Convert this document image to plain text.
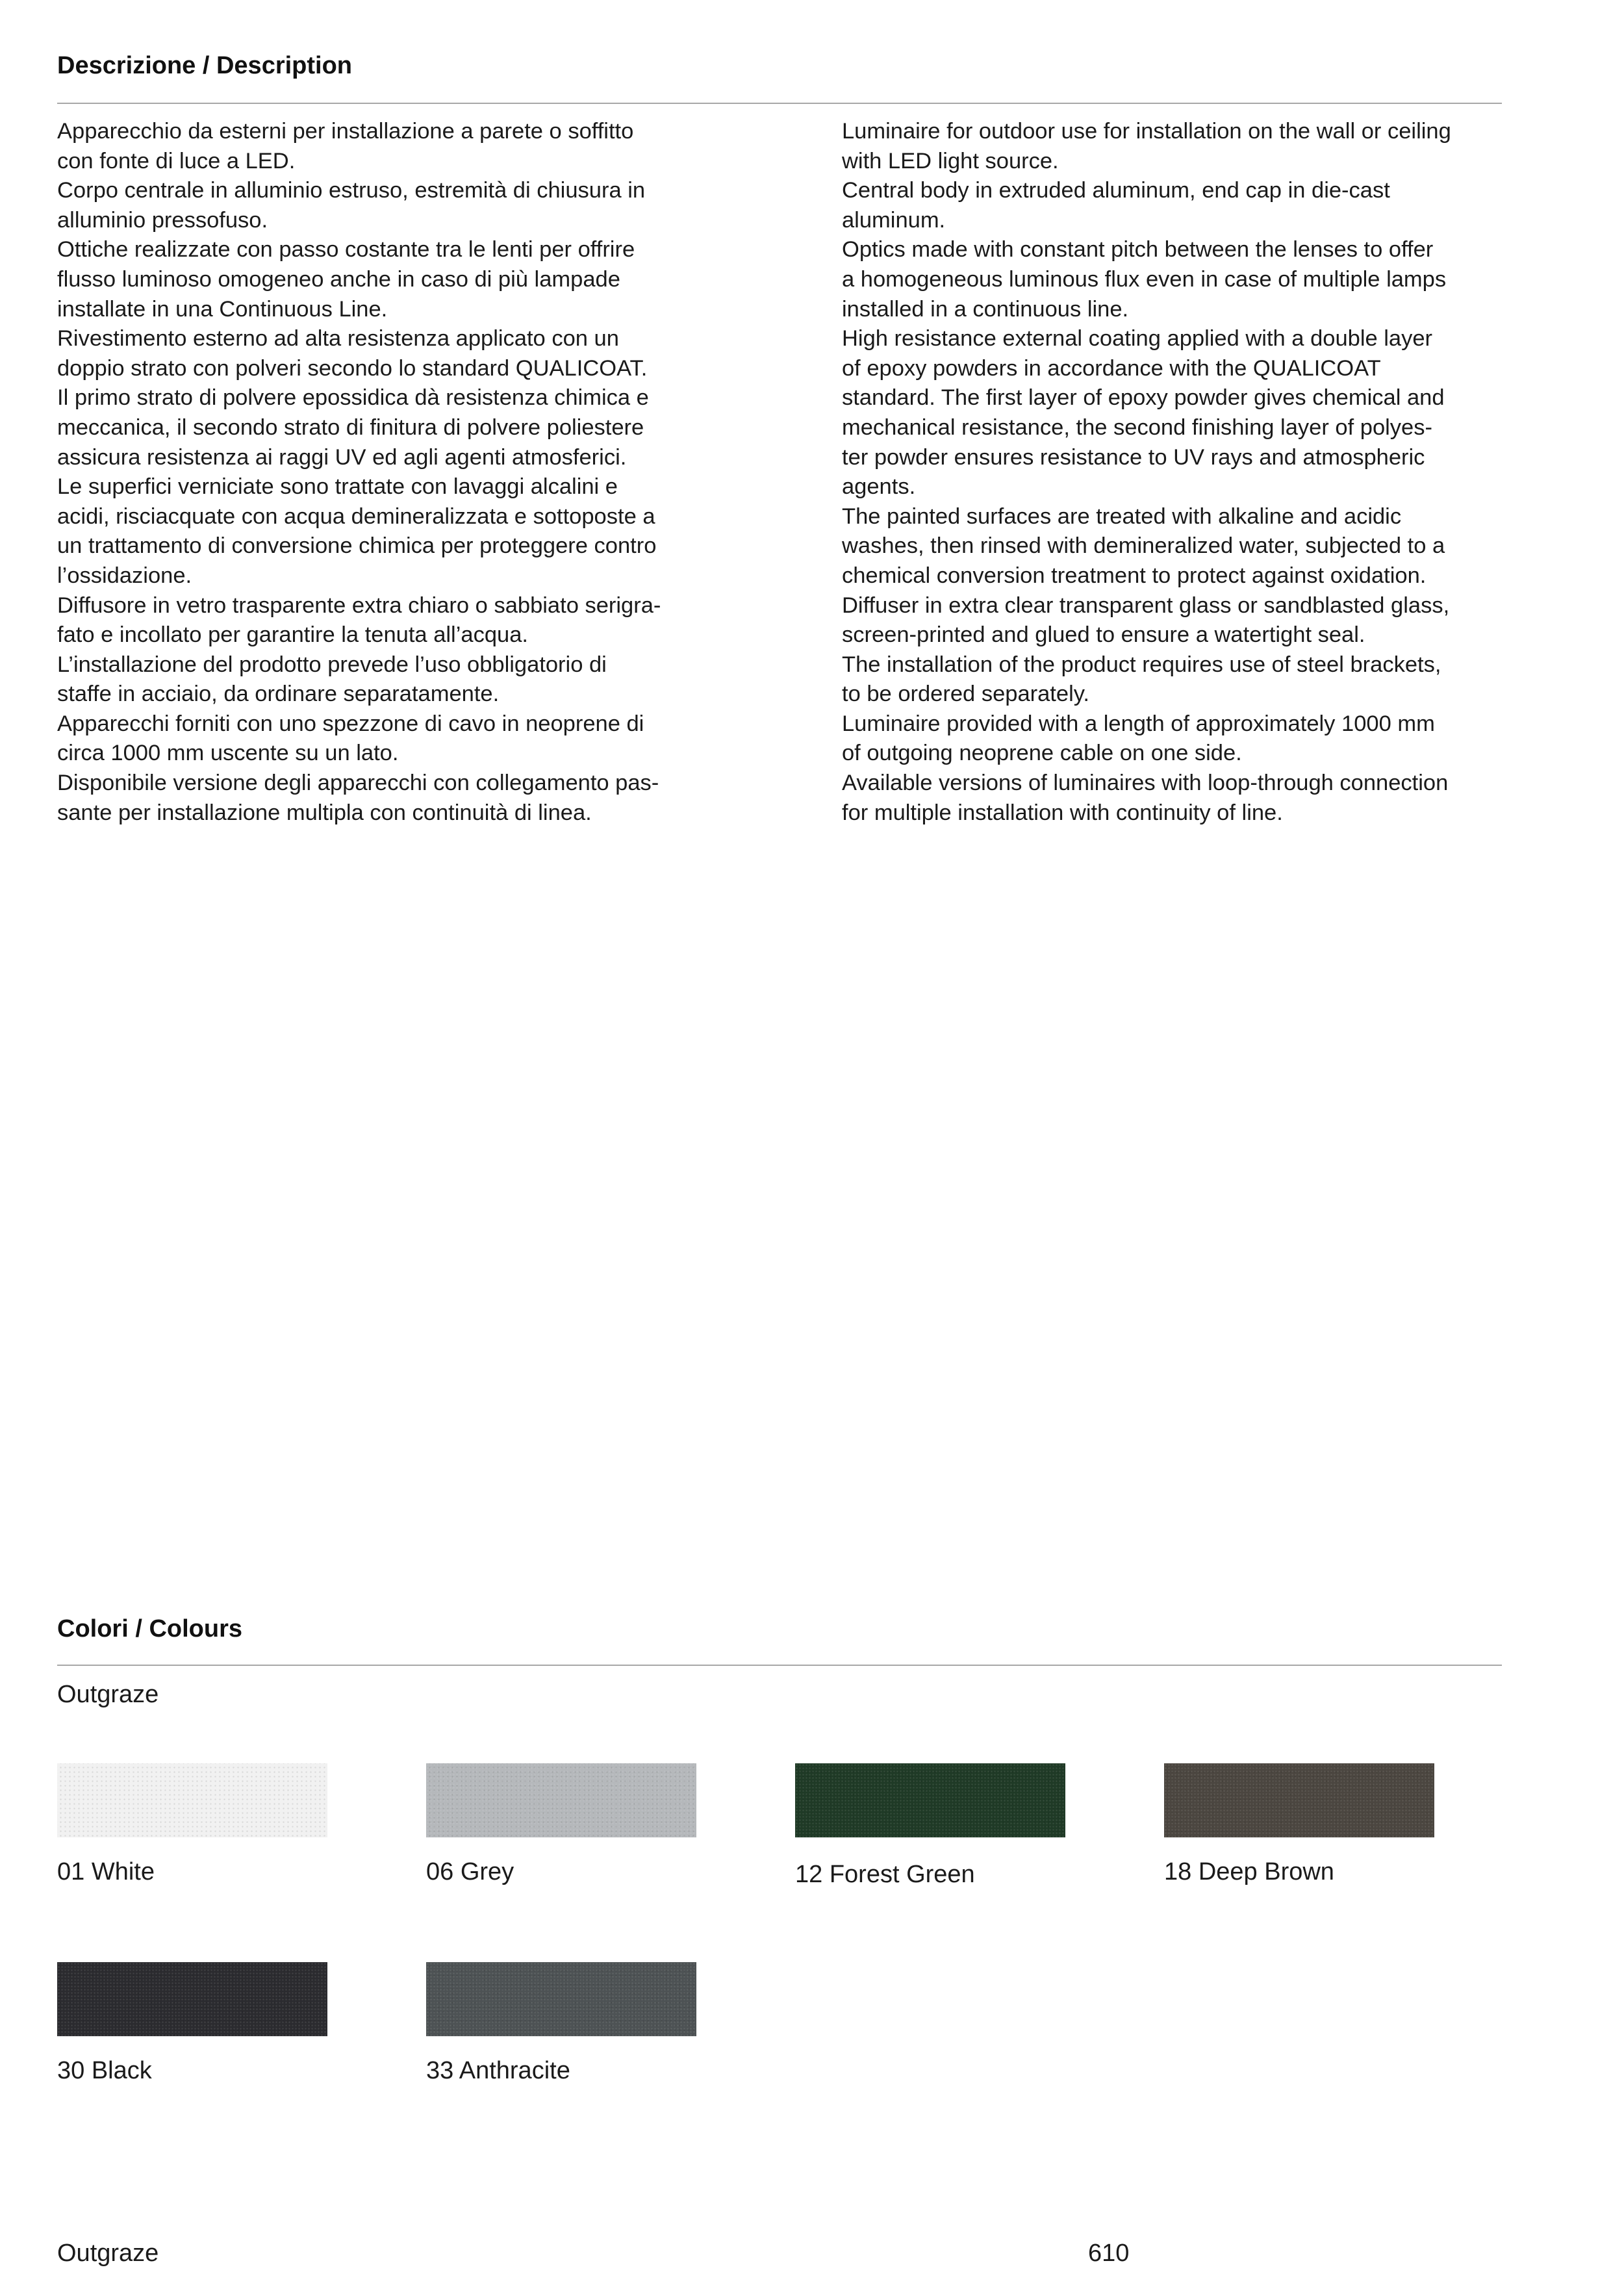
Descrizione / Description
Apparecchio da esterni per installazione a parete o soffitto
con fonte di luce a LED.
Corpo centrale in alluminio estruso, estremità di chiusura in
alluminio pressofuso.
Ottiche realizzate con passo costante tra le lenti per offrire
flusso luminoso omogeneo anche in caso di più lampade
installate in una Continuous Line.
Rivestimento esterno ad alta resistenza applicato con un
doppio strato con polveri secondo lo standard QUALICOAT.
Il primo strato di polvere epossidica dà resistenza chimica e
meccanica, il secondo strato di finitura di polvere poliestere
assicura resistenza ai raggi UV ed agli agenti atmosferici.
Le superfici verniciate sono trattate con lavaggi alcalini e
acidi, risciacquate con acqua demineralizzata e sottoposte a
un trattamento di conversione chimica per proteggere contro
l’ossidazione.
Diffusore in vetro trasparente extra chiaro o sabbiato serigra-
fato e incollato per garantire la tenuta all’acqua.
L’installazione del prodotto prevede l’uso obbligatorio di
staffe in acciaio, da ordinare separatamente.
Apparecchi forniti con uno spezzone di cavo in neoprene di
circa 1000 mm uscente su un lato.
Disponibile versione degli apparecchi con collegamento pas-
sante per installazione multipla con continuità di linea.
Luminaire for outdoor use for installation on the wall or ceiling
with LED light source.
Central body in extruded aluminum, end cap in die-cast
aluminum.
Optics made with constant pitch between the lenses to offer
a homogeneous luminous flux even in case of multiple lamps
installed in a continuous line.
High resistance external coating applied with a double layer
of epoxy powders in accordance with the QUALICOAT
standard. The first layer of epoxy powder gives chemical and
mechanical resistance, the second finishing layer of polyes-
ter powder ensures resistance to UV rays and atmospheric
agents.
The painted surfaces are treated with alkaline and acidic
washes, then rinsed with demineralized water, subjected to a
chemical conversion treatment to protect against oxidation.
Diffuser in extra clear transparent glass or sandblasted glass,
screen-printed and glued to ensure a watertight seal.
The installation of the product requires use of steel brackets,
to be ordered separately.
Luminaire provided with a length of approximately 1000 mm
of outgoing neoprene cable on one side.
Available versions of luminaires with loop-through connection
for multiple installation with continuity of line.
Colori / Colours
Outgraze
01 White	06 Grey	12 Forest Green	18 Deep Brown
30 Black	33 Anthracite
Outgraze	610
